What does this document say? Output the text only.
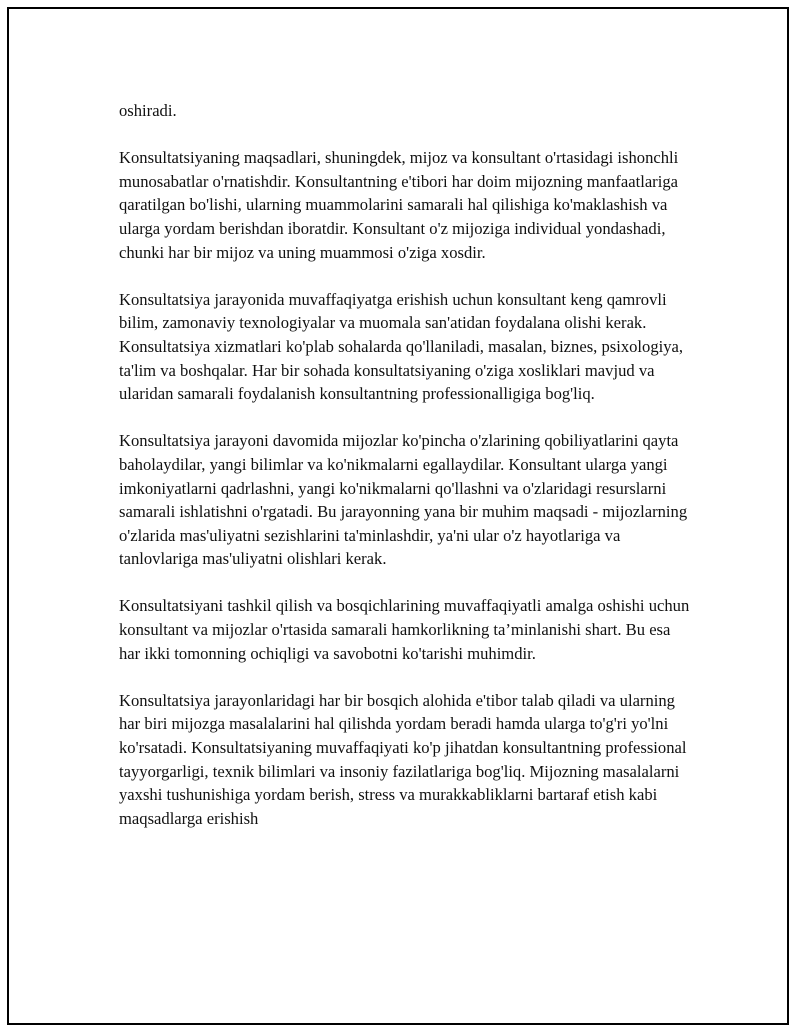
oshiradi.

Konsultatsiyaning maqsadlari, shuningdek, mijoz va konsultant o'rtasidagi ishonchli munosabatlar o'rnatishdir. Konsultantning e'tibori har doim mijozning manfaatlariga qaratilgan bo'lishi, ularning muammolarini samarali hal qilishiga ko'maklashish va ularga yordam berishdan iboratdir. Konsultant o'z mijoziga individual yondashadi, chunki har bir mijoz va uning muammosi o'ziga xosdir.

Konsultatsiya jarayonida muvaffaqiyatga erishish uchun konsultant keng qamrovli bilim, zamonaviy texnologiyalar va muomala san'atidan foydalana olishi kerak. Konsultatsiya xizmatlari ko'plab sohalarda qo'llaniladi, masalan, biznes, psixologiya, ta'lim va boshqalar. Har bir sohada konsultatsiyaning o'ziga xosliklari mavjud va ularidan samarali foydalanish konsultantning professionalligiga bog'liq.

Konsultatsiya jarayoni davomida mijozlar ko'pincha o'zlarining qobiliyatlarini qayta baholaydilar, yangi bilimlar va ko'nikmalarni egallaydilar. Konsultant ularga yangi imkoniyatlarni qadrlashni, yangi ko'nikmalarni qo'llashni va o'zlaridagi resurslarni samarali ishlatishni o'rgatadi. Bu jarayonning yana bir muhim maqsadi - mijozlarning o'zlarida mas'uliyatni sezishlarini ta'minlashdir, ya'ni ular o'z hayotlariga va tanlovlariga mas'uliyatni olishlari kerak.

Konsultatsiyani tashkil qilish va bosqichlarining muvaffaqiyatli amalga oshishi uchun konsultant va mijozlar o'rtasida samarali hamkorlikning ta’minlanishi shart. Bu esa har ikki tomonning ochiqligi va savobotni ko'tarishi muhimdir.

Konsultatsiya jarayonlaridagi har bir bosqich alohida e'tibor talab qiladi va ularning har biri mijozga masalalarini hal qilishda yordam beradi hamda ularga to'g'ri yo'lni ko'rsatadi. Konsultatsiyaning muvaffaqiyati ko'p jihatdan konsultantning professional tayyorgarligi, texnik bilimlari va insoniy fazilatlariga bog'liq. Mijozning masalalarni yaxshi tushunishiga yordam berish, stress va murakkabliklarni bartaraf etish kabi maqsadlarga erishish
